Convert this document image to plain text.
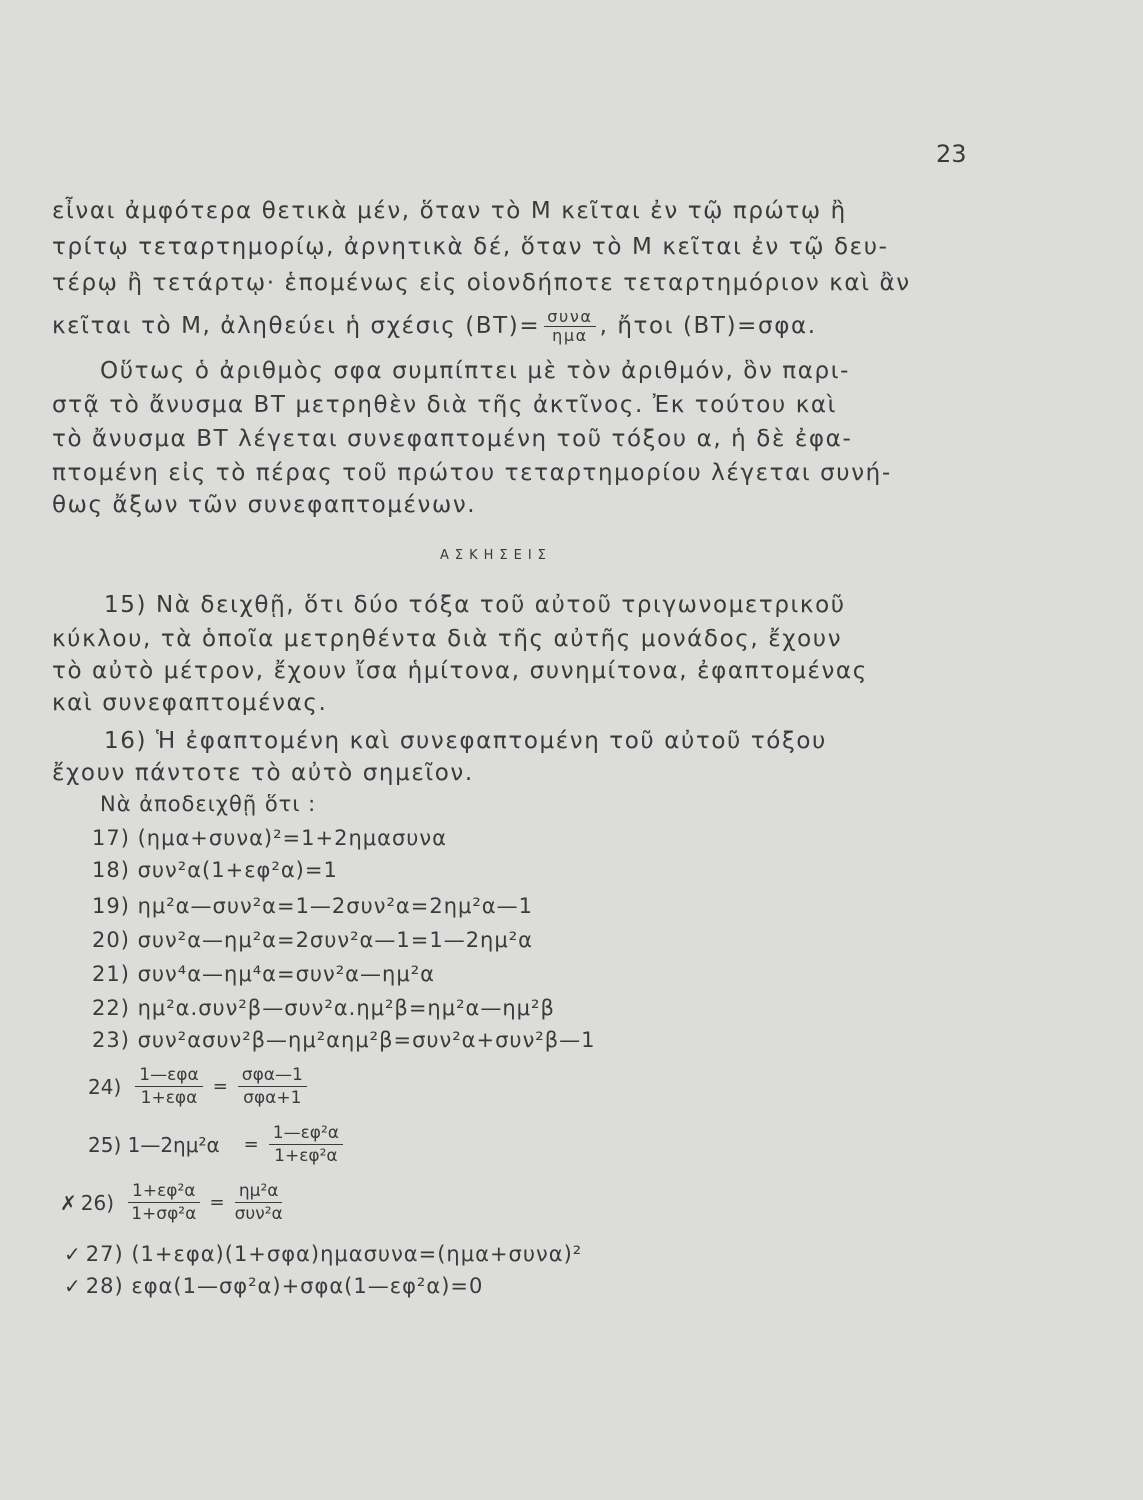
23
εἶναι ἀμφότερα θετικὰ μέν, ὅταν τὸ Μ κεῖται ἐν τῷ πρώτῳ ἢ
τρίτῳ τεταρτημορίῳ, ἀρνητικὰ δέ, ὅταν τὸ Μ κεῖται ἐν τῷ δευ-
τέρῳ ἢ τετάρτῳ· ἑπομένως εἰς οἱονδήποτε τεταρτημόριον καὶ ἂν
κεῖται τὸ Μ, ἀληθεύει ἡ σχέσις $(BT)= \frac{\text{συνα}}{\text{ημα}}$ , ἤτοι (ΒΤ)=σφα.
Οὕτως ὁ ἀριθμὸς σφα συμπίπτει μὲ τὸν ἀριθμόν, ὃν παρι-
στᾷ τὸ ἄνυσμα ΒΤ μετρηθὲν διὰ τῆς ἀκτῖνος. Ἐκ τούτου καὶ
τὸ ἄνυσμα ΒΤ λέγεται συνεφαπτομένη τοῦ τόξου α, ἡ δὲ ἐφα-
πτομένη εἰς τὸ πέρας τοῦ πρώτου τεταρτημορίου λέγεται συνή-
θως ἄξων τῶν συνεφαπτομένων.
ΑΣΚΗΣΕΙΣ
15) Νὰ δειχθῇ, ὅτι δύο τόξα τοῦ αὐτοῦ τριγωνομετρικοῦ
κύκλου, τὰ ὁποῖα μετρηθέντα διὰ τῆς αὐτῆς μονάδος, ἔχουν
τὸ αὐτὸ μέτρον, ἔχουν ἴσα ἡμίτονα, συνημίτονα, ἐφαπτομένας
καὶ συνεφαπτομένας.
16) Ἡ ἐφαπτομένη καὶ συνεφαπτομένη τοῦ αὐτοῦ τόξου
ἔχουν πάντοτε τὸ αὐτὸ σημεῖον.
Νὰ ἀποδειχθῇ ὅτι :
17) (ημα+συνα)²=1+2ημασυνα
18) συν²α(1+εφ²α)=1
19) ημ²α—συν²α=1—2συν²α=2ημ²α—1
20) συν²α—ημ²α=2συν²α—1=1—2ημ²α
21) συν⁴α—ημ⁴α=συν²α—ημ²α
22) ημ²α.συν²β—συν²α.ημ²β=ημ²α—ημ²β
23) συν²ασυν²β—ημ²αημ²β=συν²α+συν²β—1
24) 1—εφα
1+εφα
=
σφα—1
σφα+1
25) 1—2ημ²α = $\frac{\text{1—εφ²α}}{\text{1+εφ²α}}$
✗ $26) \frac{\text{1+εφ²α}}{\text{1+σφ²α}}$ =
ημ²α
συν²α
✓ 27) (1+εφα)(1+σφα)ημασυνα=(ημα+συνα)²
✓ 28) εφα(1—σφ²α)+σφα(1—εφ²α)=0
